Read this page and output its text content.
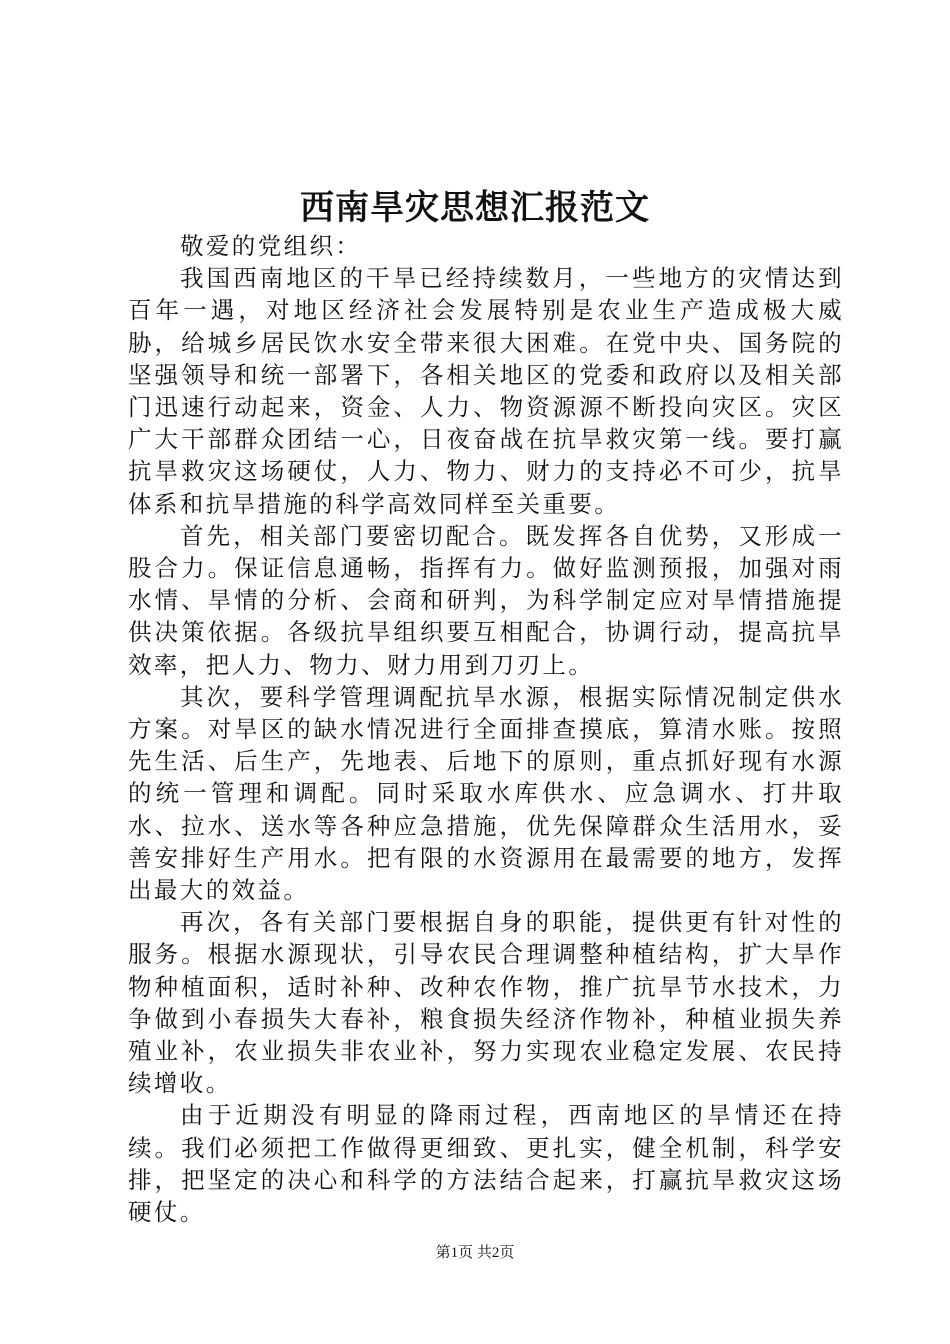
西南旱灾思想汇报范文

敬爱的党组织：

我国西南地区的干旱已经持续数月，一些地方的灾情达到百年一遇，对地区经济社会发展特别是农业生产造成极大威胁，给城乡居民饮水安全带来很大困难。在党中央、国务院的坚强领导和统一部署下，各相关地区的党委和政府以及相关部门迅速行动起来，资金、人力、物资源源不断投向灾区。灾区广大干部群众团结一心，日夜奋战在抗旱救灾第一线。要打赢抗旱救灾这场硬仗，人力、物力、财力的支持必不可少，抗旱体系和抗旱措施的科学高效同样至关重要。

首先，相关部门要密切配合。既发挥各自优势，又形成一股合力。保证信息通畅，指挥有力。做好监测预报，加强对雨水情、旱情的分析、会商和研判，为科学制定应对旱情措施提供决策依据。各级抗旱组织要互相配合，协调行动，提高抗旱效率，把人力、物力、财力用到刀刃上。

其次，要科学管理调配抗旱水源，根据实际情况制定供水方案。对旱区的缺水情况进行全面排查摸底，算清水账。按照先生活、后生产，先地表、后地下的原则，重点抓好现有水源的统一管理和调配。同时采取水库供水、应急调水、打井取水、拉水、送水等各种应急措施，优先保障群众生活用水，妥善安排好生产用水。把有限的水资源用在最需要的地方，发挥出最大的效益。

再次，各有关部门要根据自身的职能，提供更有针对性的服务。根据水源现状，引导农民合理调整种植结构，扩大旱作物种植面积，适时补种、改种农作物，推广抗旱节水技术，力争做到小春损失大春补，粮食损失经济作物补，种植业损失养殖业补，农业损失非农业补，努力实现农业稳定发展、农民持续增收。

由于近期没有明显的降雨过程，西南地区的旱情还在持续。我们必须把工作做得更细致、更扎实，健全机制，科学安排，把坚定的决心和科学的方法结合起来，打赢抗旱救灾这场硬仗。

第1页 共2页
